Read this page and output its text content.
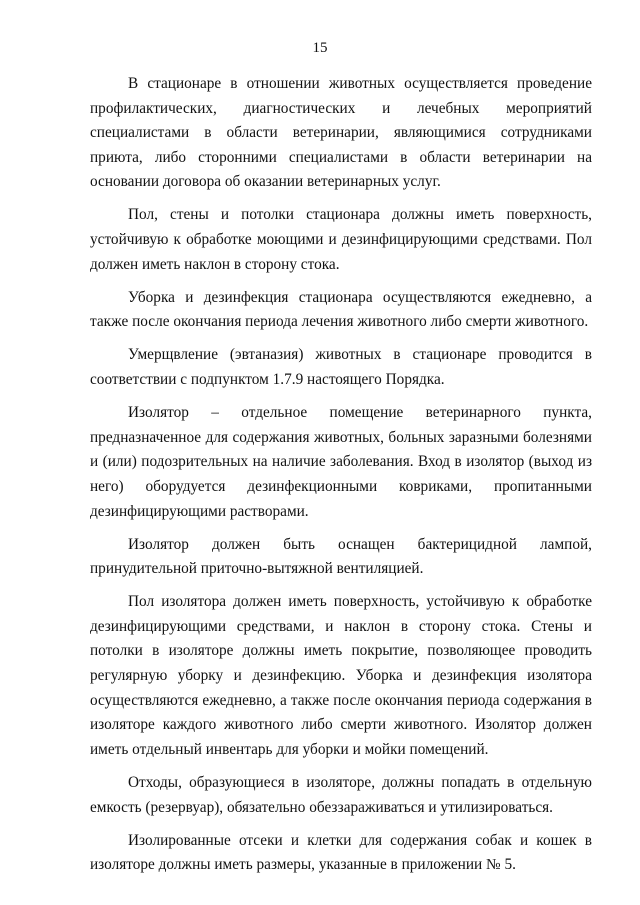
15

В стационаре в отношении животных осуществляется проведение профилактических, диагностических и лечебных мероприятий специалистами в области ветеринарии, являющимися сотрудниками приюта, либо сторонними специалистами в области ветеринарии на основании договора об оказании ветеринарных услуг.

Пол, стены и потолки стационара должны иметь поверхность, устойчивую к обработке моющими и дезинфицирующими средствами. Пол должен иметь наклон в сторону стока.

Уборка и дезинфекция стационара осуществляются ежедневно, а также после окончания периода лечения животного либо смерти животного.

Умерщвление (эвтаназия) животных в стационаре проводится в соответствии с подпунктом 1.7.9 настоящего Порядка.

Изолятор – отдельное помещение ветеринарного пункта, предназначенное для содержания животных, больных заразными болезнями и (или) подозрительных на наличие заболевания. Вход в изолятор (выход из него) оборудуется дезинфекционными ковриками, пропитанными дезинфицирующими растворами.

Изолятор должен быть оснащен бактерицидной лампой, принудительной приточно-вытяжной вентиляцией.

Пол изолятора должен иметь поверхность, устойчивую к обработке дезинфицирующими средствами, и наклон в сторону стока. Стены и потолки в изоляторе должны иметь покрытие, позволяющее проводить регулярную уборку и дезинфекцию. Уборка и дезинфекция изолятора осуществляются ежедневно, а также после окончания периода содержания в изоляторе каждого животного либо смерти животного. Изолятор должен иметь отдельный инвентарь для уборки и мойки помещений.

Отходы, образующиеся в изоляторе, должны попадать в отдельную емкость (резервуар), обязательно обеззараживаться и утилизироваться.

Изолированные отсеки и клетки для содержания собак и кошек в изоляторе должны иметь размеры, указанные в приложении № 5.
